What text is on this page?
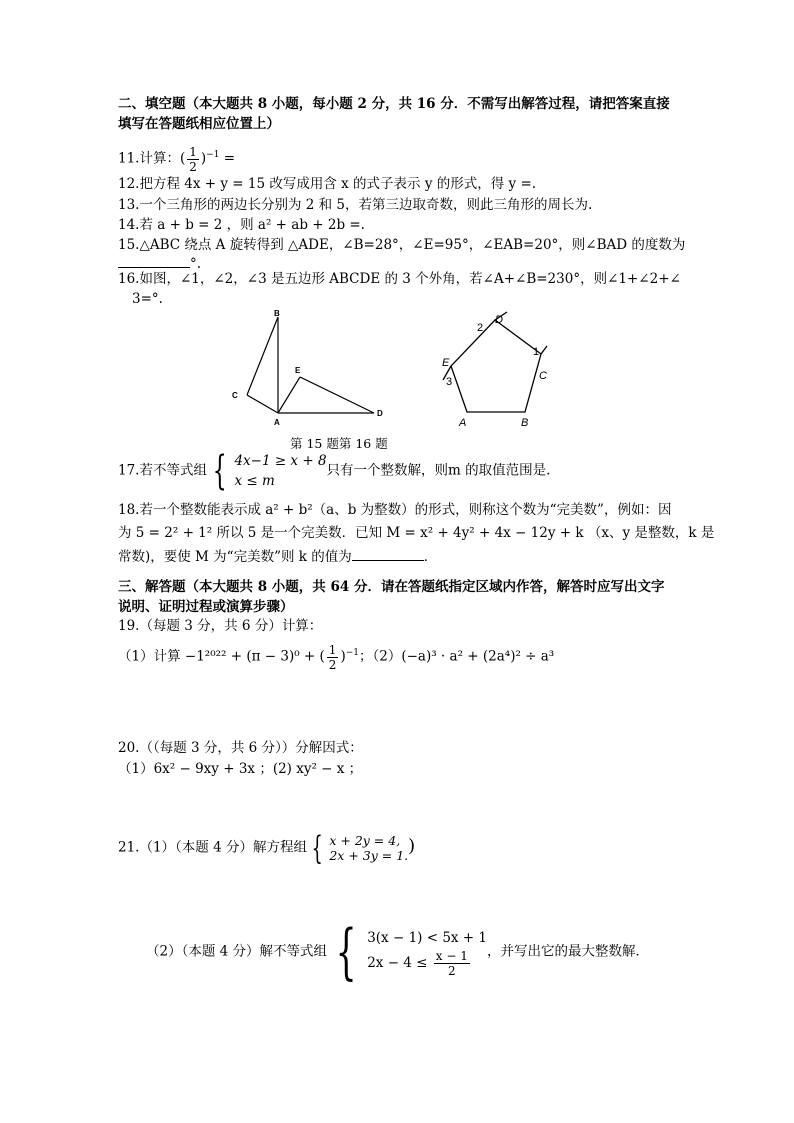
二、填空题（本大题共 8 小题，每小题 2 分，共 16 分．不需写出解答过程，请把答案直接
填写在答题纸相应位置上）
11.计算：( $\frac{1}{2} )^{-1}$ =
12.把方程 4x + y = 15 改写成用含 x 的式子表示 y 的形式，得 y =.
13.一个三角形的两边长分别为 2 和 5，若第三边取奇数，则此三角形的周长为.
14.若 a + b = 2 ，则 a² + ab + 2b =.
15.△ABC 绕点 A 旋转得到 △ADE，∠B=28°，∠E=95°，∠EAB=20°，则∠BAD 的度数为
°.
16.如图，∠1，∠2，∠3 是五边形 ABCDE 的 3 个外角，若∠A+∠B=230°，则∠1+∠2+∠
3=°.
B
C
E
A
D
D
2
1
E
C
3
A	B
第 15 题第 16 题
17.若不等式组 { 4x−1 ≥ x + 8
x ≤ m
只有一个整数解，则m 的取值范围是.
18.若一个整数能表示成 a² + b²（a、b 为整数）的形式，则称这个数为“完美数”，例如：因
为 5 = 2² + 1² 所以 5 是一个完美数．已知 M = x² + 4y² + 4x − 12y + k （x、y 是整数，k 是
常数)，要使 M 为“完美数”则 k 的值为	．
三、解答题（本大题共 8 小题，共 64 分．请在答题纸指定区域内作答，解答时应写出文字
说明、证明过程或演算步骤）
19.（每题 3 分，共 6 分）计算：
（1）计算 −1²⁰²² + (π − 3)⁰ + ( $\frac{1}{2} )^{-1}$；（2）(−a)³ · a² + (2a⁴)² ÷ a³
20.（（每题 3 分，共 6 分））分解因式：
（1）6x² − 9xy + 3x ；(2) xy² − x ；
21.（1）（本题 4 分）解方程组 { x + 2y = 4,
2x + 3y = 1. )
（2）（本题 4 分）解不等式组 { 3(x − 1) < 5x + 1
$2x - 4 \le \frac{x - 1}{2}$ ，并写出它的最大整数解．
